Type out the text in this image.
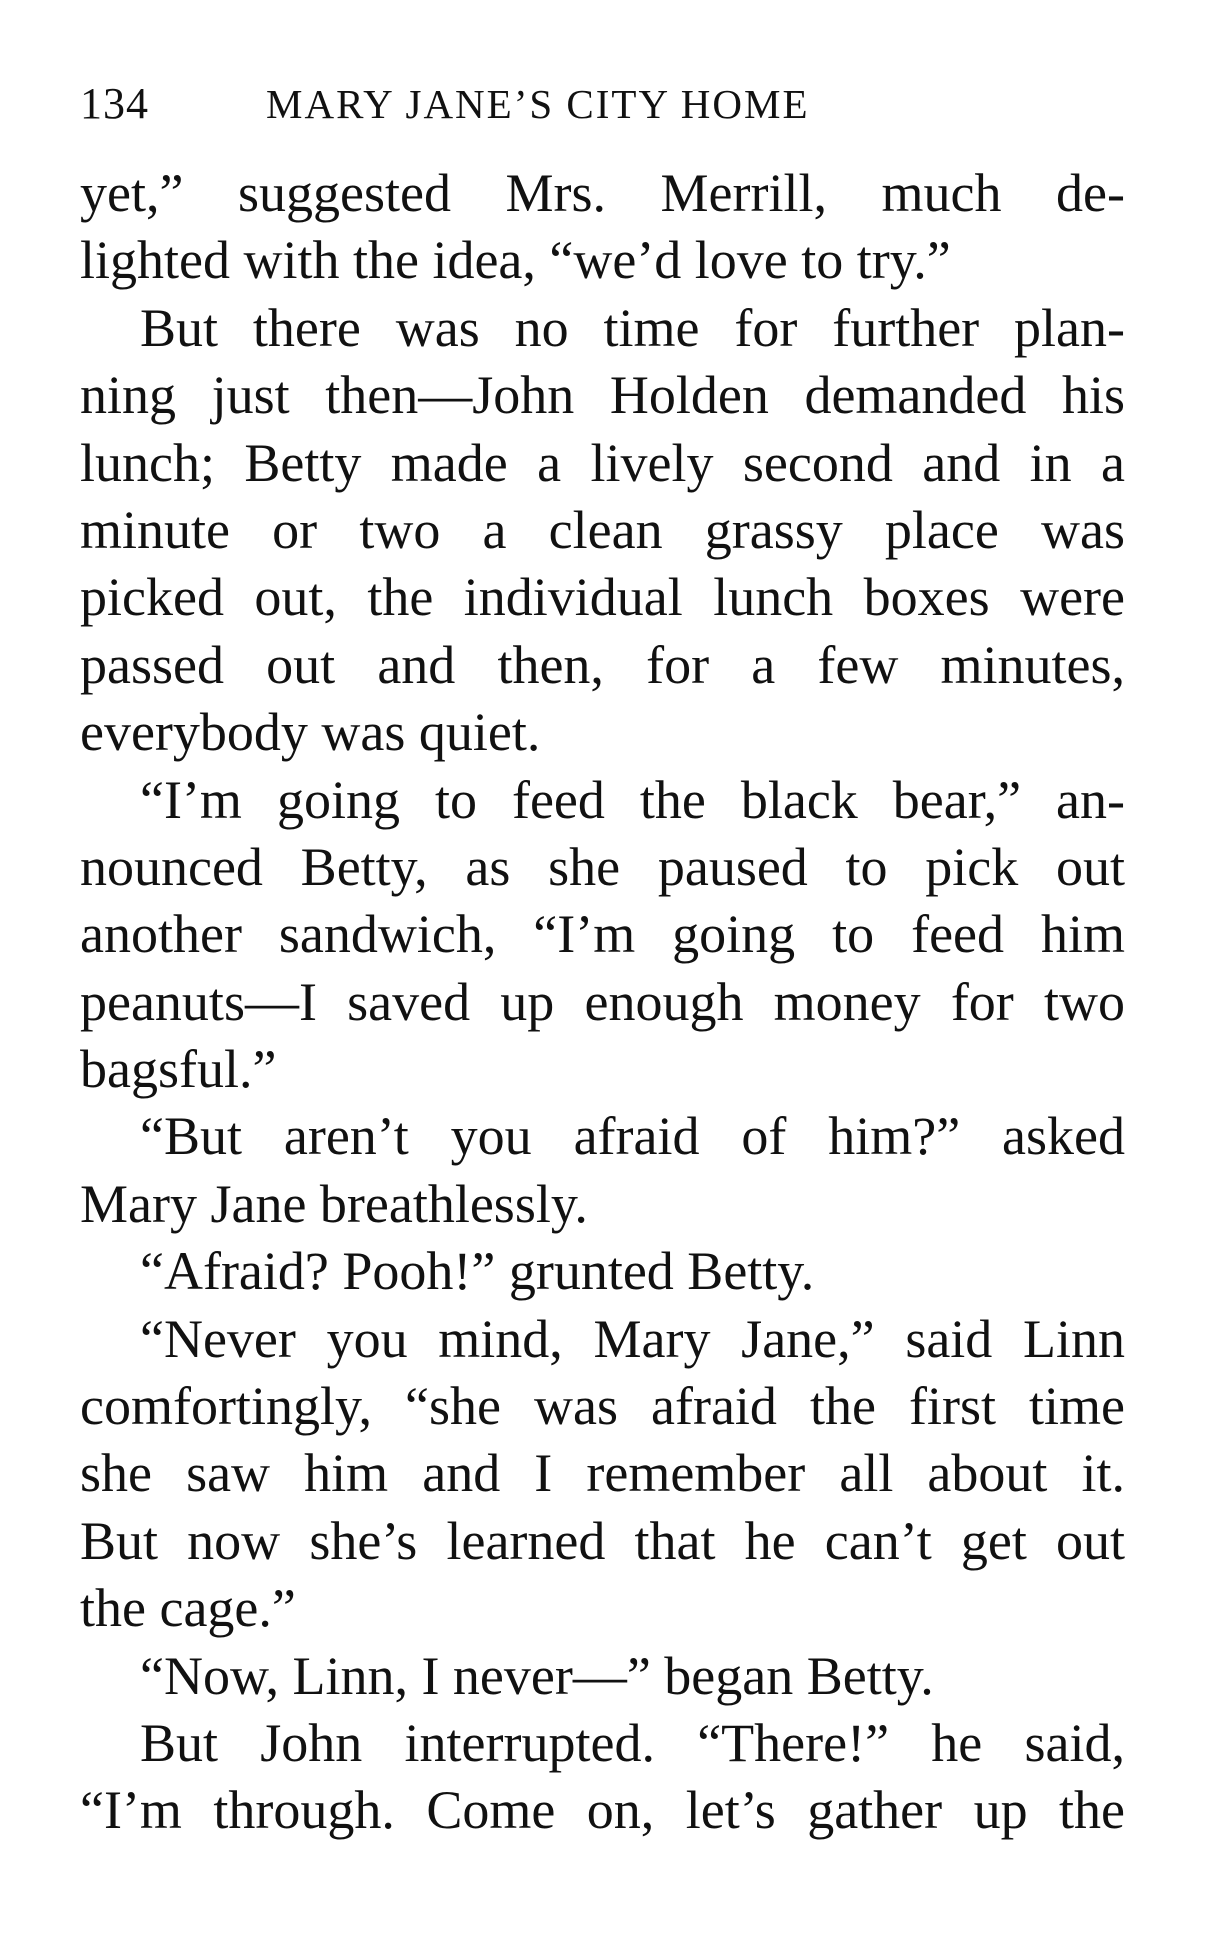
134	MARY JANE’S CITY HOME
yet,” suggested Mrs. Merrill, much de-
lighted with the idea, “we’d love to try.”
But there was no time for further plan-
ning just then—John Holden demanded his
lunch; Betty made a lively second and in a
minute or two a clean grassy place was
picked out, the individual lunch boxes were
passed out and then, for a few minutes,
everybody was quiet.
“I’m going to feed the black bear,” an-
nounced Betty, as she paused to pick out
another sandwich, “I’m going to feed him
peanuts—I saved up enough money for two
bagsful.”
“But aren’t you afraid of him?” asked
Mary Jane breathlessly.
“Afraid? Pooh!” grunted Betty.
“Never you mind, Mary Jane,” said Linn
comfortingly, “she was afraid the first time
she saw him and I remember all about it.
But now she’s learned that he can’t get out
the cage.”
“Now, Linn, I never—” began Betty.
But John interrupted. “There!” he said,
“I’m through. Come on, let’s gather up the
